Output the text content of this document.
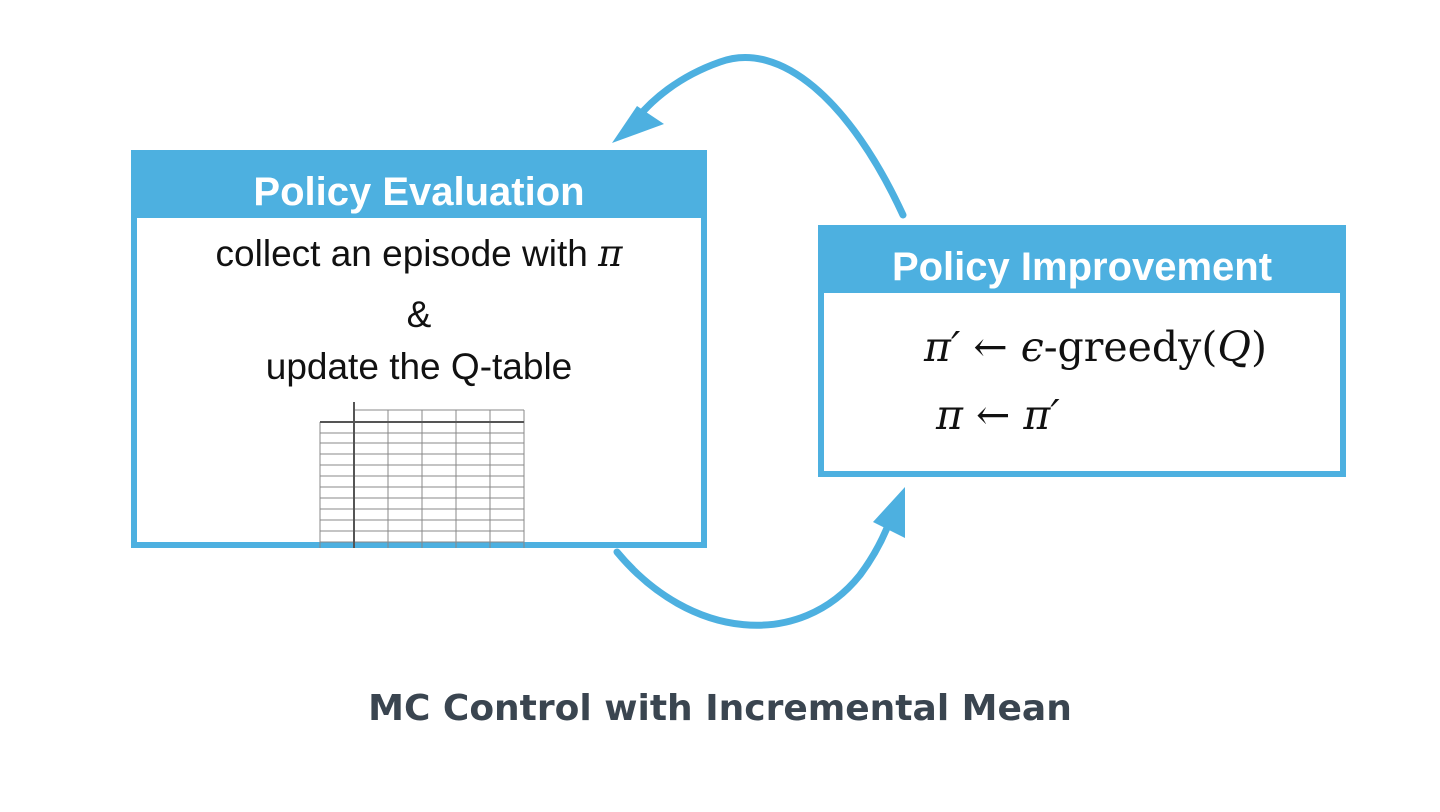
Policy Evaluation
collect an episode with π
&
update the Q-table
Policy Improvement
π′ ← ϵ-greedy(Q)
π ← π′
MC Control with Incremental Mean
